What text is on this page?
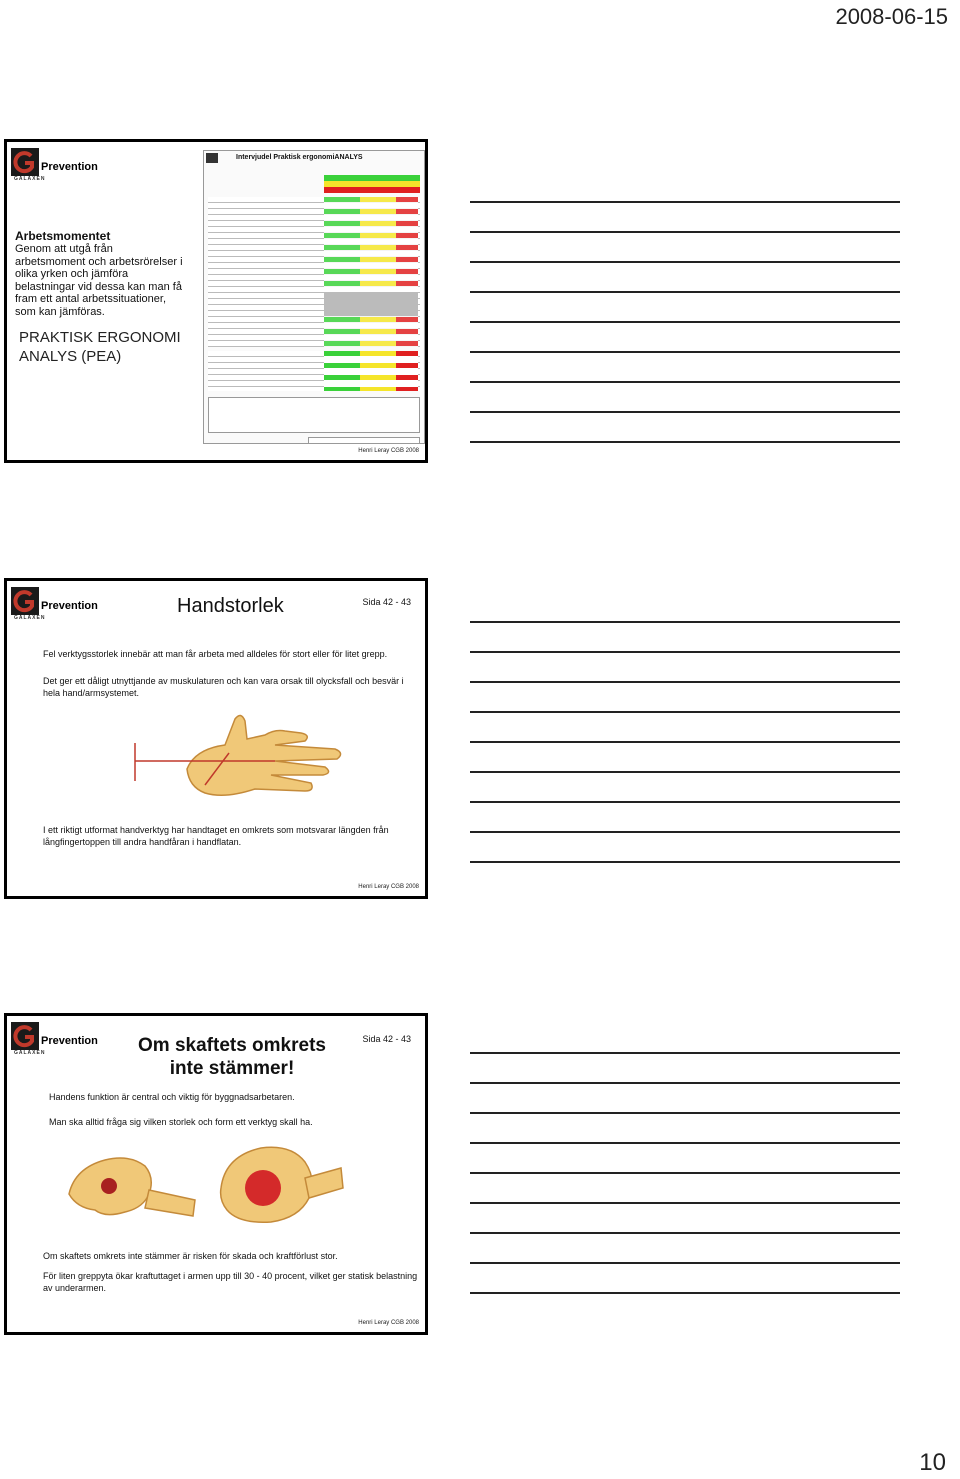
2008-06-15
GALAXEN
Prevention
Arbetsmomentet
Genom att utgå från arbetsmoment och arbetsrörelser i olika yrken och jämföra belastningar vid dessa kan man få fram ett antal arbetssituationer, som kan jämföras.
PRAKTISK ERGONOMI ANALYS (PEA)
Intervjudel Praktisk ergonomiANALYS
Henri Leray CGB 2008
GALAXEN
Prevention	Handstorlek	Sida 42 - 43
Fel verktygsstorlek innebär att man får arbeta med alldeles för stort eller för litet grepp.
Det ger ett dåligt utnyttjande av muskulaturen och kan vara orsak till olycksfall och besvär i hela hand/armsystemet.
I ett riktigt utformat handverktyg har handtaget en omkrets som motsvarar längden från långfingertoppen till andra handfåran i handflatan.
Henri Leray CGB 2008
GALAXEN
Prevention	Om skaftets omkrets inte stämmer!
Sida 42 - 43
Handens funktion är central och viktig för byggnadsarbetaren.
Man ska alltid fråga sig vilken storlek och form ett verktyg skall ha.
Om skaftets omkrets inte stämmer är risken för skada och kraftförlust stor.
För liten greppyta ökar kraftuttaget i armen upp till 30 - 40 procent, vilket ger statisk belastning av underarmen.
Henri Leray CGB 2008
10
